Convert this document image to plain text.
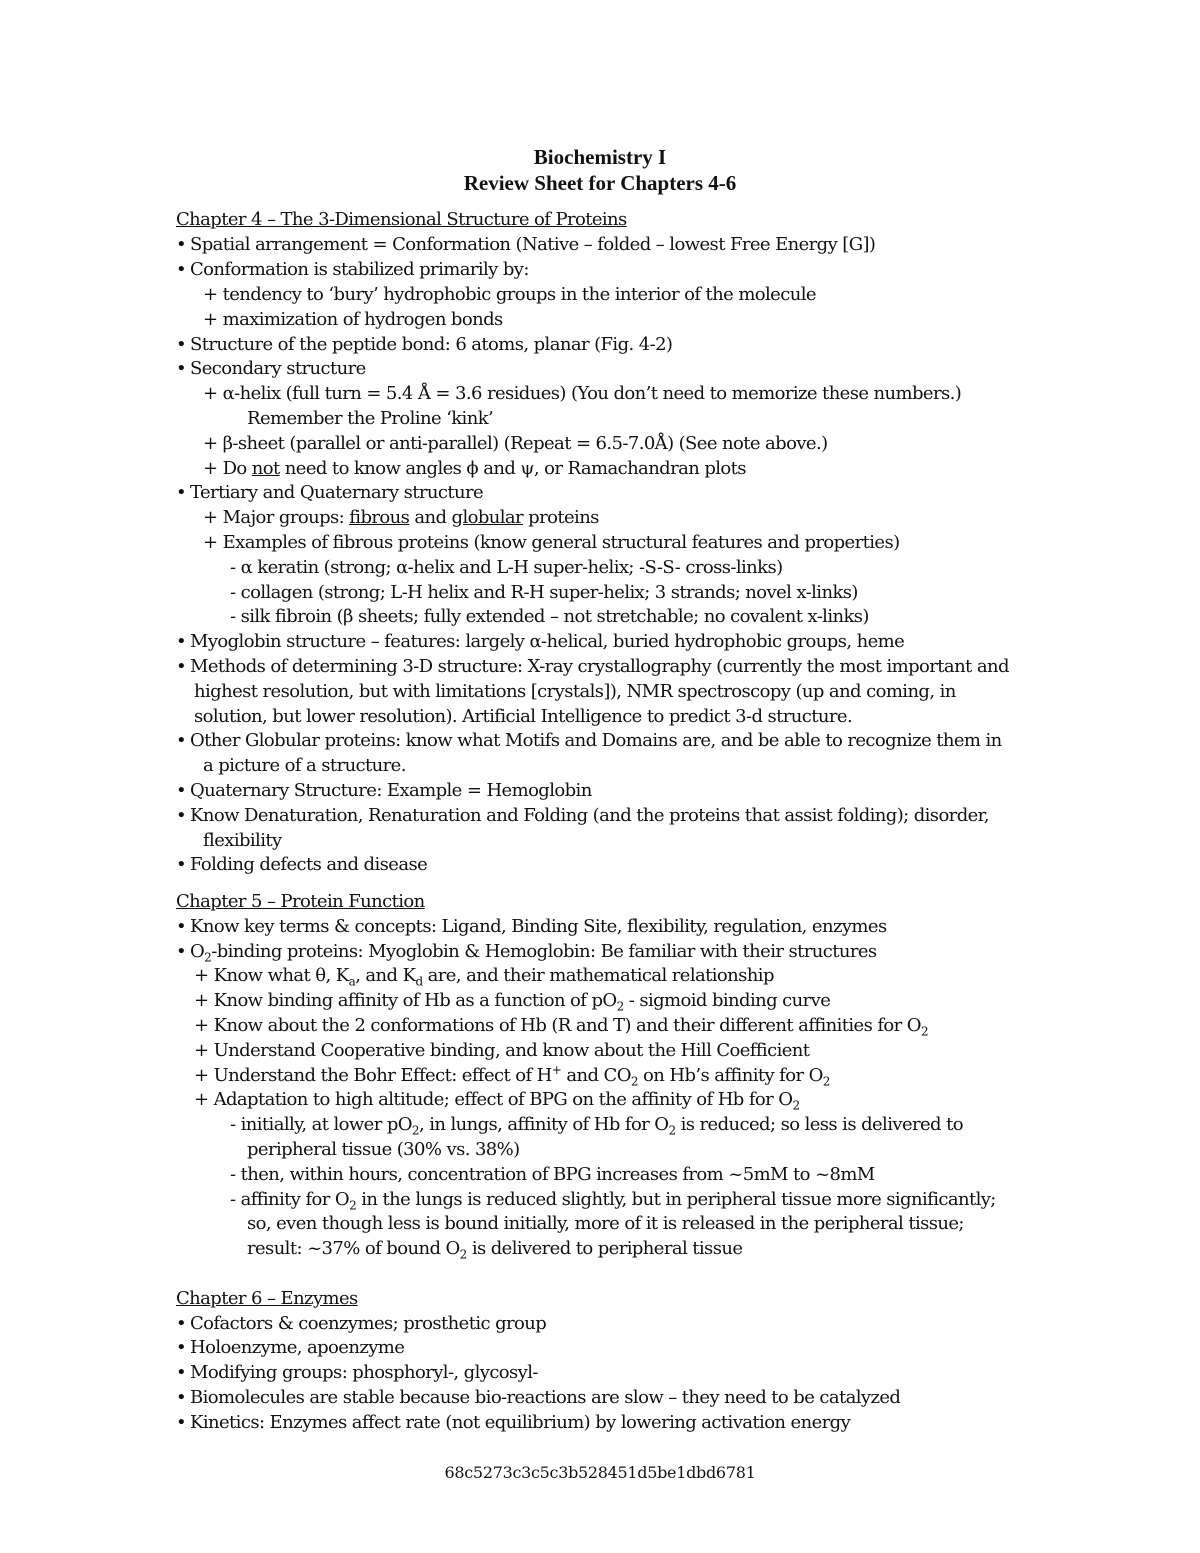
Biochemistry I
Review Sheet for Chapters 4-6
Chapter 4 – The 3-Dimensional Structure of Proteins
• Spatial arrangement = Conformation (Native – folded – lowest Free Energy [G])
• Conformation is stabilized primarily by:
+ tendency to ‘bury’ hydrophobic groups in the interior of the molecule
+ maximization of hydrogen bonds
• Structure of the peptide bond: 6 atoms, planar (Fig. 4-2)
• Secondary structure
+ α-helix (full turn = 5.4 Å = 3.6 residues) (You don’t need to memorize these numbers.)
Remember the Proline ‘kink’
+ β-sheet (parallel or anti-parallel) (Repeat = 6.5-7.0Å) (See note above.)
+ Do not need to know angles ϕ and ψ, or Ramachandran plots
• Tertiary and Quaternary structure
+ Major groups: fibrous and globular proteins
+ Examples of fibrous proteins (know general structural features and properties)
- α keratin (strong; α-helix and L-H super-helix; -S-S- cross-links)
- collagen (strong; L-H helix and R-H super-helix; 3 strands; novel x-links)
- silk fibroin (β sheets; fully extended – not stretchable; no covalent x-links)
• Myoglobin structure – features: largely α-helical, buried hydrophobic groups, heme
• Methods of determining 3-D structure: X-ray crystallography (currently the most important and
highest resolution, but with limitations [crystals]), NMR spectroscopy (up and coming, in
solution, but lower resolution). Artificial Intelligence to predict 3-d structure.
• Other Globular proteins: know what Motifs and Domains are, and be able to recognize them in
a picture of a structure.
• Quaternary Structure: Example = Hemoglobin
• Know Denaturation, Renaturation and Folding (and the proteins that assist folding); disorder,
flexibility
• Folding defects and disease
Chapter 5 – Protein Function
• Know key terms & concepts: Ligand, Binding Site, flexibility, regulation, enzymes
• $O_2$-binding proteins: Myoglobin & Hemoglobin: Be familiar with their structures
+ Know what θ, $K_a$, and $K_d$ are, and their mathematical relationship
+ Know binding affinity of Hb as a function of $pO_2$ - sigmoid binding curve
+ Know about the 2 conformations of Hb (R and T) and their different affinities for $O_2$
+ Understand Cooperative binding, and know about the Hill Coefficient
+ Understand the Bohr Effect: effect of H+ and $CO_2$ on Hb’s affinity for $O_2$
+ Adaptation to high altitude; effect of BPG on the affinity of Hb for $O_2$
- initially, at lower $pO_2$, in lungs, affinity of Hb for $O_2$ is reduced; so less is delivered to
peripheral tissue (30% vs. 38%)
- then, within hours, concentration of BPG increases from ~5mM to ~8mM
- affinity for $O_2$ in the lungs is reduced slightly, but in peripheral tissue more significantly;
so, even though less is bound initially, more of it is released in the peripheral tissue;
result: ~37% of bound $O_2$ is delivered to peripheral tissue
Chapter 6 – Enzymes
• Cofactors & coenzymes; prosthetic group
• Holoenzyme, apoenzyme
• Modifying groups: phosphoryl-, glycosyl-
• Biomolecules are stable because bio-reactions are slow – they need to be catalyzed
• Kinetics: Enzymes affect rate (not equilibrium) by lowering activation energy
68c5273c3c5c3b528451d5be1dbd6781
